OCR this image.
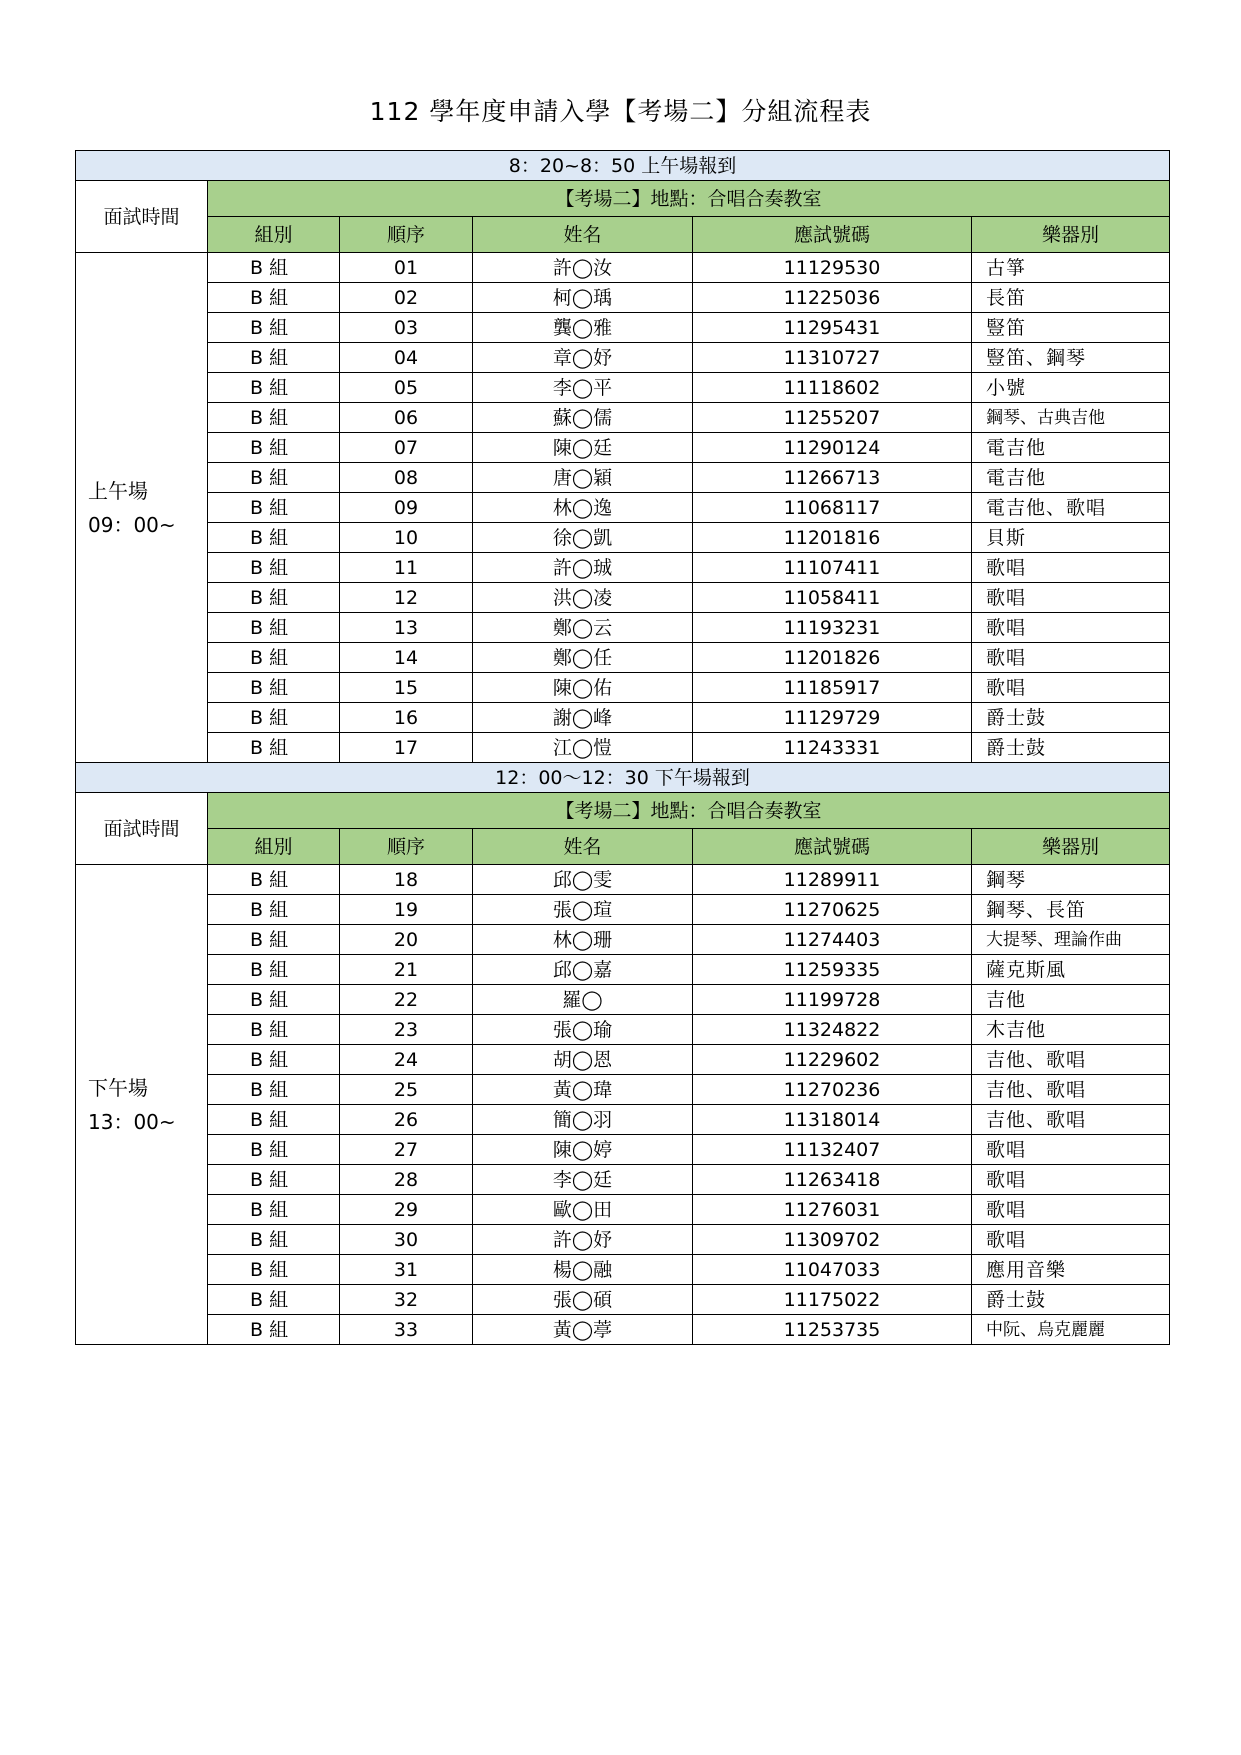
112 學年度申請入學【考場二】分組流程表
8：20~8：50 上午場報到					
面試時間	【考場二】地點：合唱合奏教室				
	組別	順序	姓名	應試號碼	樂器別

上午場
09：00~	B 組	01	許◯汝	11129530	古箏
	B 組	02	柯◯瑀	11225036	長笛
	B 組	03	龔◯雅	11295431	豎笛
	B 組	04	章◯妤	11310727	豎笛、鋼琴
	B 組	05	李◯平	11118602	小號
	B 組	06	蘇◯儒	11255207	鋼琴、古典吉他
	B 組	07	陳◯廷	11290124	電吉他
	B 組	08	唐◯穎	11266713	電吉他
	B 組	09	林◯逸	11068117	電吉他、歌唱
	B 組	10	徐◯凱	11201816	貝斯
	B 組	11	許◯珹	11107411	歌唱
	B 組	12	洪◯凌	11058411	歌唱
	B 組	13	鄭◯云	11193231	歌唱
	B 組	14	鄭◯任	11201826	歌唱
	B 組	15	陳◯佑	11185917	歌唱
	B 組	16	謝◯峰	11129729	爵士鼓
	B 組	17	江◯愷	11243331	爵士鼓
12：00～12：30 下午場報到					
面試時間	【考場二】地點：合唱合奏教室				
	組別	順序	姓名	應試號碼	樂器別

下午場
13：00~	B 組	18	邱◯雯	11289911	鋼琴
	B 組	19	張◯瑄	11270625	鋼琴、長笛
	B 組	20	林◯珊	11274403	大提琴、理論作曲
	B 組	21	邱◯嘉	11259335	薩克斯風
	B 組	22	羅◯	11199728	吉他
	B 組	23	張◯瑜	11324822	木吉他
	B 組	24	胡◯恩	11229602	吉他、歌唱
	B 組	25	黃◯瑋	11270236	吉他、歌唱
	B 組	26	簡◯羽	11318014	吉他、歌唱
	B 組	27	陳◯婷	11132407	歌唱
	B 組	28	李◯廷	11263418	歌唱
	B 組	29	歐◯田	11276031	歌唱
	B 組	30	許◯妤	11309702	歌唱
	B 組	31	楊◯融	11047033	應用音樂
	B 組	32	張◯碩	11175022	爵士鼓
	B 組	33	黃◯葶	11253735	中阮、烏克麗麗
